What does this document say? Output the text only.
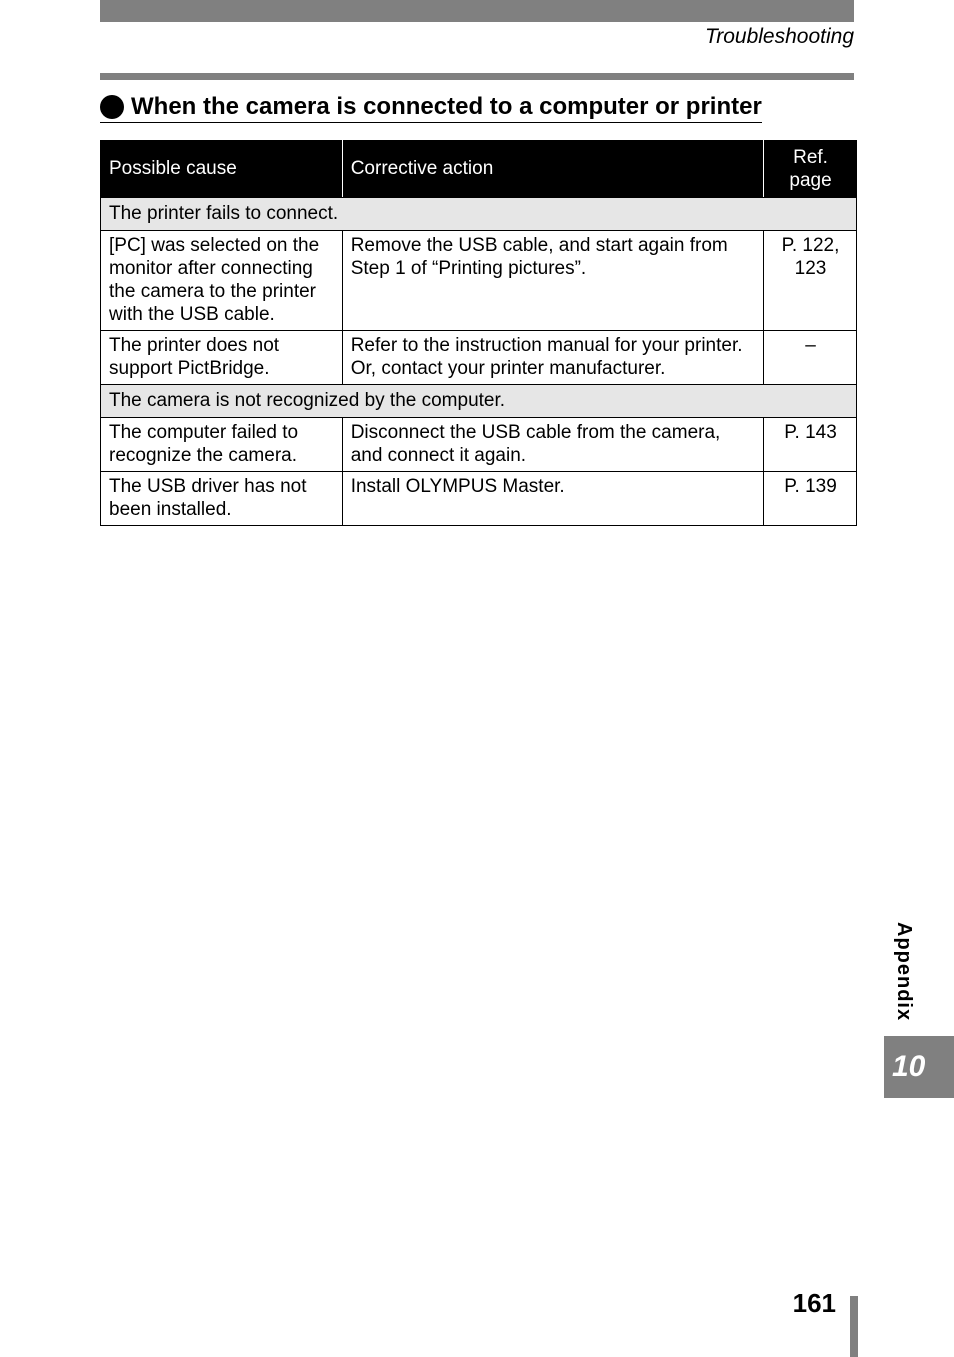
Troubleshooting
When the camera is connected to a computer or printer
Possible cause	Corrective action	Ref. page
The printer fails to connect.		
[PC] was selected on the monitor after connecting the camera to the printer with the USB cable.	Remove the USB cable, and start again from Step 1 of “Printing pictures”.	P. 122, 123
The printer does not support PictBridge.	Refer to the instruction manual for your printer. Or, contact your printer manufacturer.	–
The camera is not recognized by the computer.		
The computer failed to recognize the camera.	Disconnect the USB cable from the camera, and connect it again.	P. 143
The USB driver has not been installed.	Install OLYMPUS Master.	P. 139
Appendix
10
161
